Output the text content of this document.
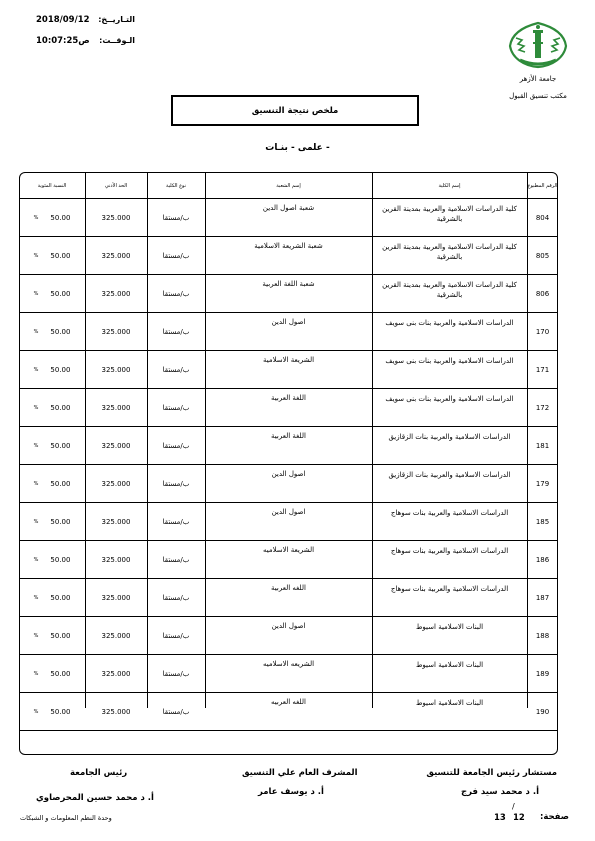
2018/09/12	التـاريــخ:
ص10:07:25	الـوقــت:
جامعة الأزهر
مكتب تنسيق القبول
ملخص نتيجة التنسيق
- علمى - بنـات
الرقم المطبوع
إسم الكلية
إسم الشعبة
نوع الكلية
الحد الأدني
النسبة المئوية
804
كلية الدراسات الاسلامية والعربية بمدينة القرين بالشرقية
شعبة اصول الدين
ب/مستقا
325.000
% 50.00
805
كلية الدراسات الاسلامية والعربية بمدينة القرين بالشرقية
شعبة الشريعة الاسلامية
ب/مستقا
325.000
% 50.00
806
كلية الدراسات الاسلامية والعربية بمدينة القرين بالشرقية
شعبة اللغة العربية
ب/مستقا
325.000
% 50.00
170
الدراسات الاسلامية والعربية بنات بنى سويف
اصول الدين
ب/مستقا
325.000
% 50.00
171
الدراسات الاسلامية والعربية بنات بنى سويف
الشريعة الاسلامية
ب/مستقا
325.000
% 50.00
172
الدراسات الاسلامية والعربية بنات بنى سويف
اللغة العربية
ب/مستقا
325.000
% 50.00
181
الدراسات الاسلامية والعربية بنات الزقازيق
اللغة العربية
ب/مستقا
325.000
% 50.00
179
الدراسات الاسلامية والعربية بنات الزقازيق
اصول الدين
ب/مستقا
325.000
% 50.00
185
الدراسات الاسلامية والعربية بنات سوهاج
اصول الدين
ب/مستقا
325.000
% 50.00
186
الدراسات الاسلامية والعربية بنات سوهاج
الشريعة الاسلاميه
ب/مستقا
325.000
% 50.00
187
الدراسات الاسلامية والعربية بنات سوهاج
اللغه العربية
ب/مستقا
325.000
% 50.00
188
البنات الاسلامية اسيوط
اصول الدين
ب/مستقا
325.000
% 50.00
189
البنات الاسلامية اسيوط
الشريعه الاسلاميه
ب/مستقا
325.000
% 50.00
190
البنات الاسلامية اسيوط
اللغه العربيه
ب/مستقا
325.000
% 50.00
مستشار رئيس الجامعة للتنسيق
أ. د محمد سيد فرج
المشرف العام علي التنسيق
أ. د يوسف عامر
رئيس الجامعة
أ. د محمد حسين المحرصاوي
/
13 12 صفحة:
وحدة النظم المعلومات و الشبكات
